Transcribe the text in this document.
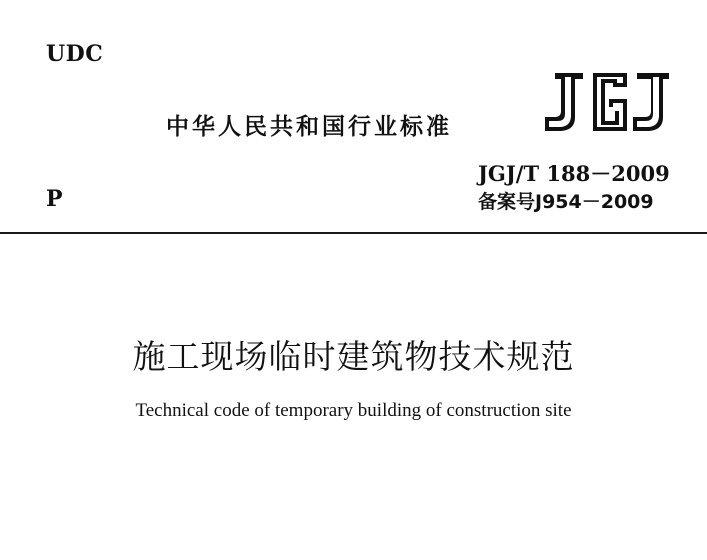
UDC
中华人民共和国行业标准
JGJ/T 188－2009
备案号J954－2009
P
施工现场临时建筑物技术规范
Technical code of temporary building of construction site
